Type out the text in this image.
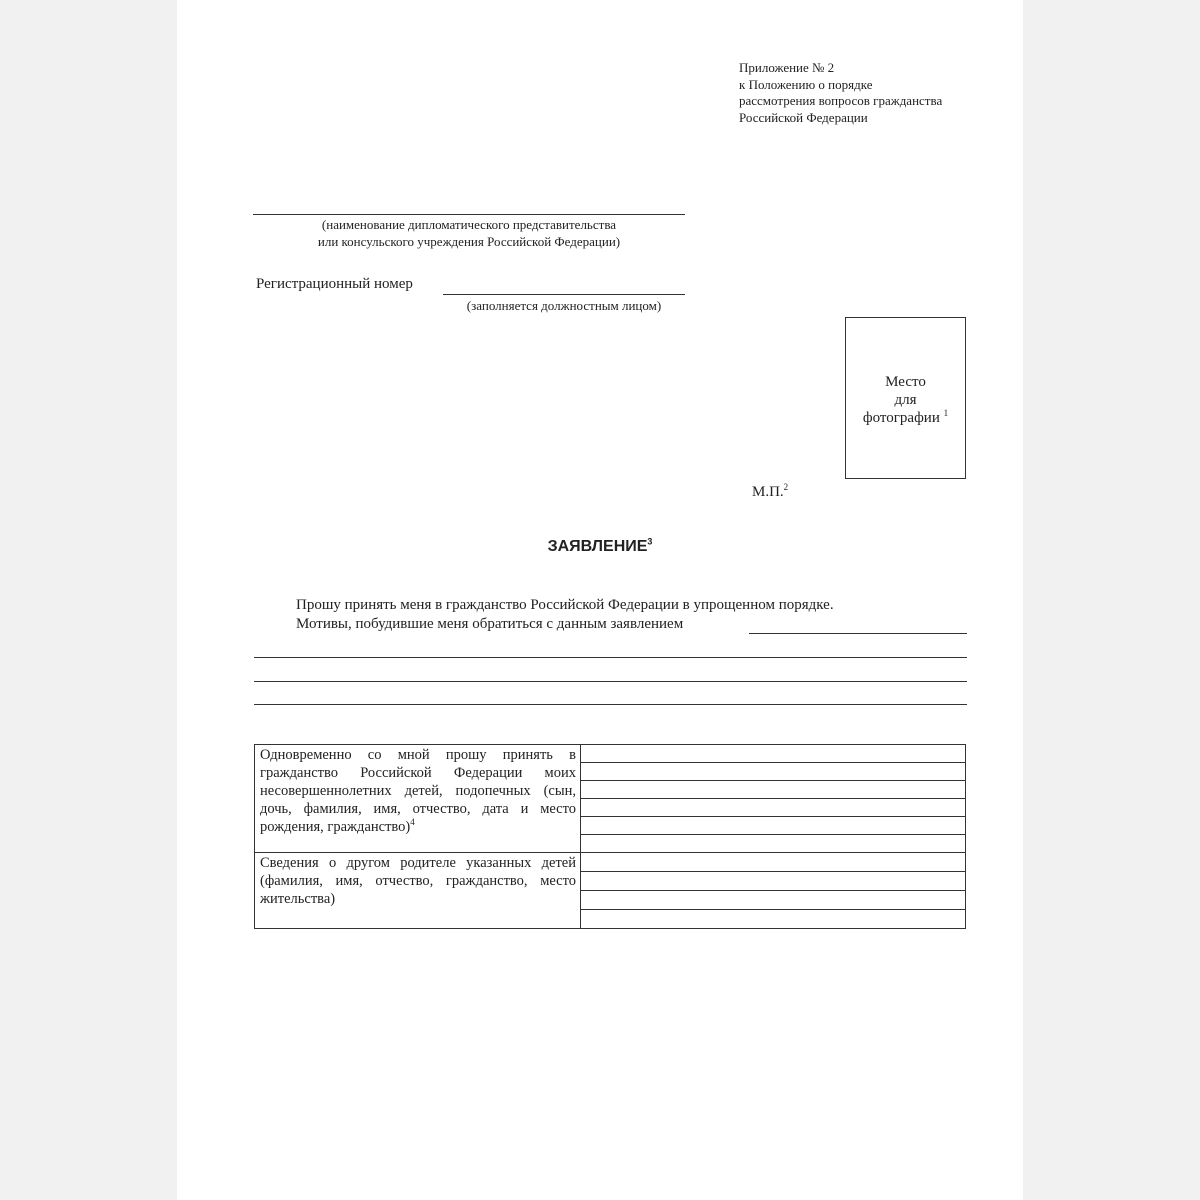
Приложение № 2
к Положению о порядке
рассмотрения вопросов гражданства
Российской Федерации
(наименование дипломатического представительства
или консульского учреждения Российской Федерации)
Регистрационный номер
(заполняется должностным лицом)
Место
для
фотографии $^1$
М.П.$^2$
ЗАЯВЛЕНИЕ$^3$
Прошу принять меня в гражданство Российской Федерации в упрощенном порядке.
Мотивы, побудившие меня обратиться с данным заявлением
Одновременно со мной прошу принять в гражданство Российской Федерации моих несовершеннолетних детей, подопечных (сын, дочь, фамилия, имя, отчество, дата и место рождения, гражданство)$^4$	

Сведения о другом родителе указанных детей (фамилия, имя, отчество, гражданство, место жительства)	
